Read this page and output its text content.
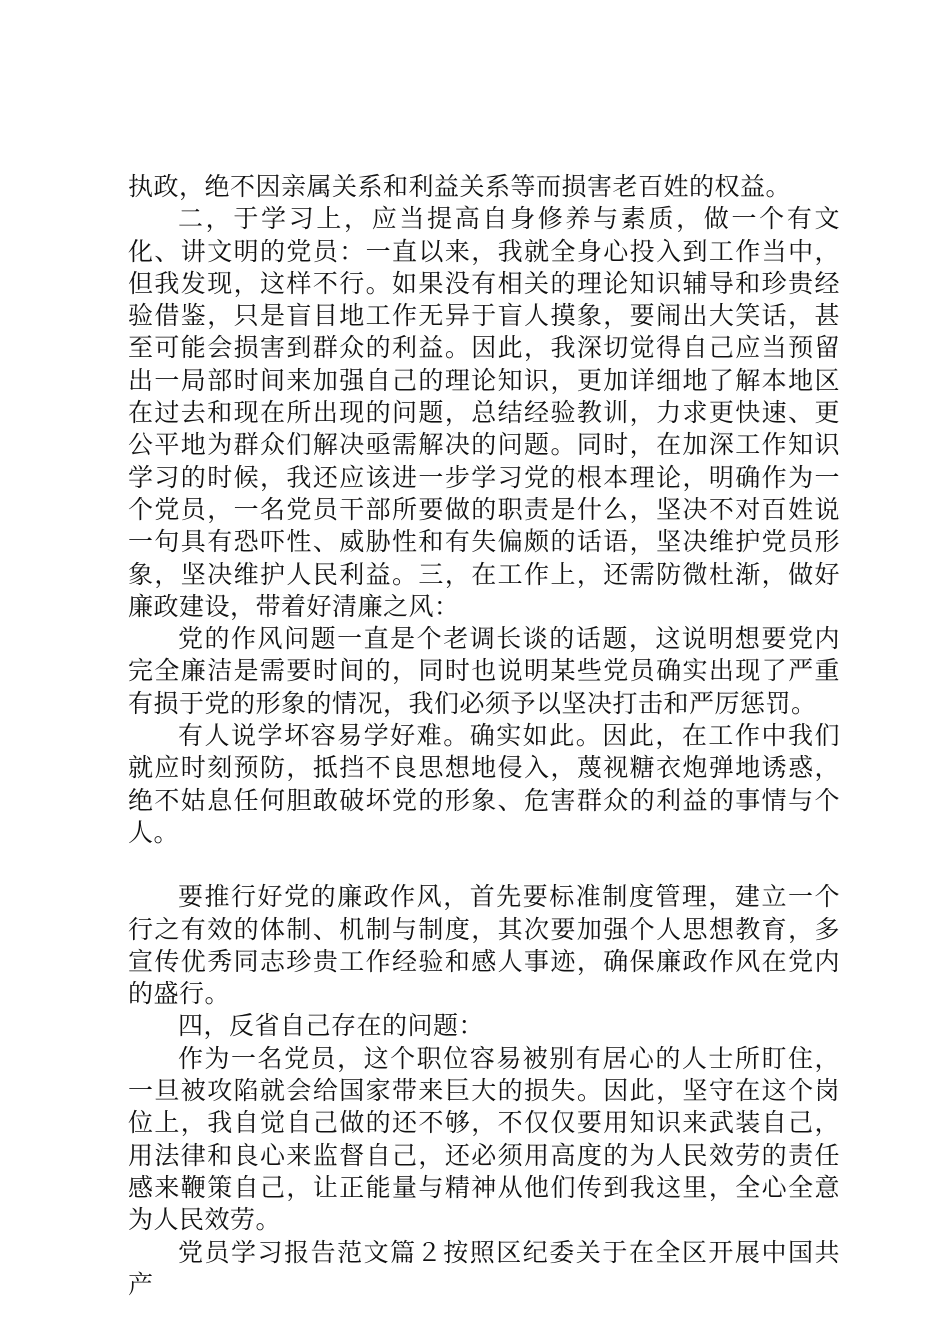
执政，绝不因亲属关系和利益关系等而损害老百姓的权益。

二，于学习上，应当提高自身修养与素质，做一个有文化、讲文明的党员：一直以来，我就全身心投入到工作当中，但我发现，这样不行。如果没有相关的理论知识辅导和珍贵经验借鉴，只是盲目地工作无异于盲人摸象，要闹出大笑话，甚至可能会损害到群众的利益。因此，我深切觉得自己应当预留出一局部时间来加强自己的理论知识，更加详细地了解本地区在过去和现在所出现的问题，总结经验教训，力求更快速、更公平地为群众们解决亟需解决的问题。同时，在加深工作知识学习的时候，我还应该进一步学习党的根本理论，明确作为一个党员，一名党员干部所要做的职责是什么，坚决不对百姓说一句具有恐吓性、威胁性和有失偏颇的话语，坚决维护党员形象，坚决维护人民利益。三，在工作上，还需防微杜渐，做好廉政建设，带着好清廉之风：

党的作风问题一直是个老调长谈的话题，这说明想要党内完全廉洁是需要时间的，同时也说明某些党员确实出现了严重有损于党的形象的情况，我们必须予以坚决打击和严厉惩罚。

有人说学坏容易学好难。确实如此。因此，在工作中我们就应时刻预防，抵挡不良思想地侵入，蔑视糖衣炮弹地诱惑，绝不姑息任何胆敢破坏党的形象、危害群众的利益的事情与个人。

要推行好党的廉政作风，首先要标准制度管理，建立一个行之有效的体制、机制与制度，其次要加强个人思想教育，多宣传优秀同志珍贵工作经验和感人事迹，确保廉政作风在党内的盛行。

四，反省自己存在的问题：

作为一名党员，这个职位容易被别有居心的人士所盯住，一旦被攻陷就会给国家带来巨大的损失。因此，坚守在这个岗位上，我自觉自己做的还不够，不仅仅要用知识来武装自己，用法律和良心来监督自己，还必须用高度的为人民效劳的责任感来鞭策自己，让正能量与精神从他们传到我这里，全心全意为人民效劳。

党员学习报告范文篇２按照区纪委关于在全区开展中国共产
